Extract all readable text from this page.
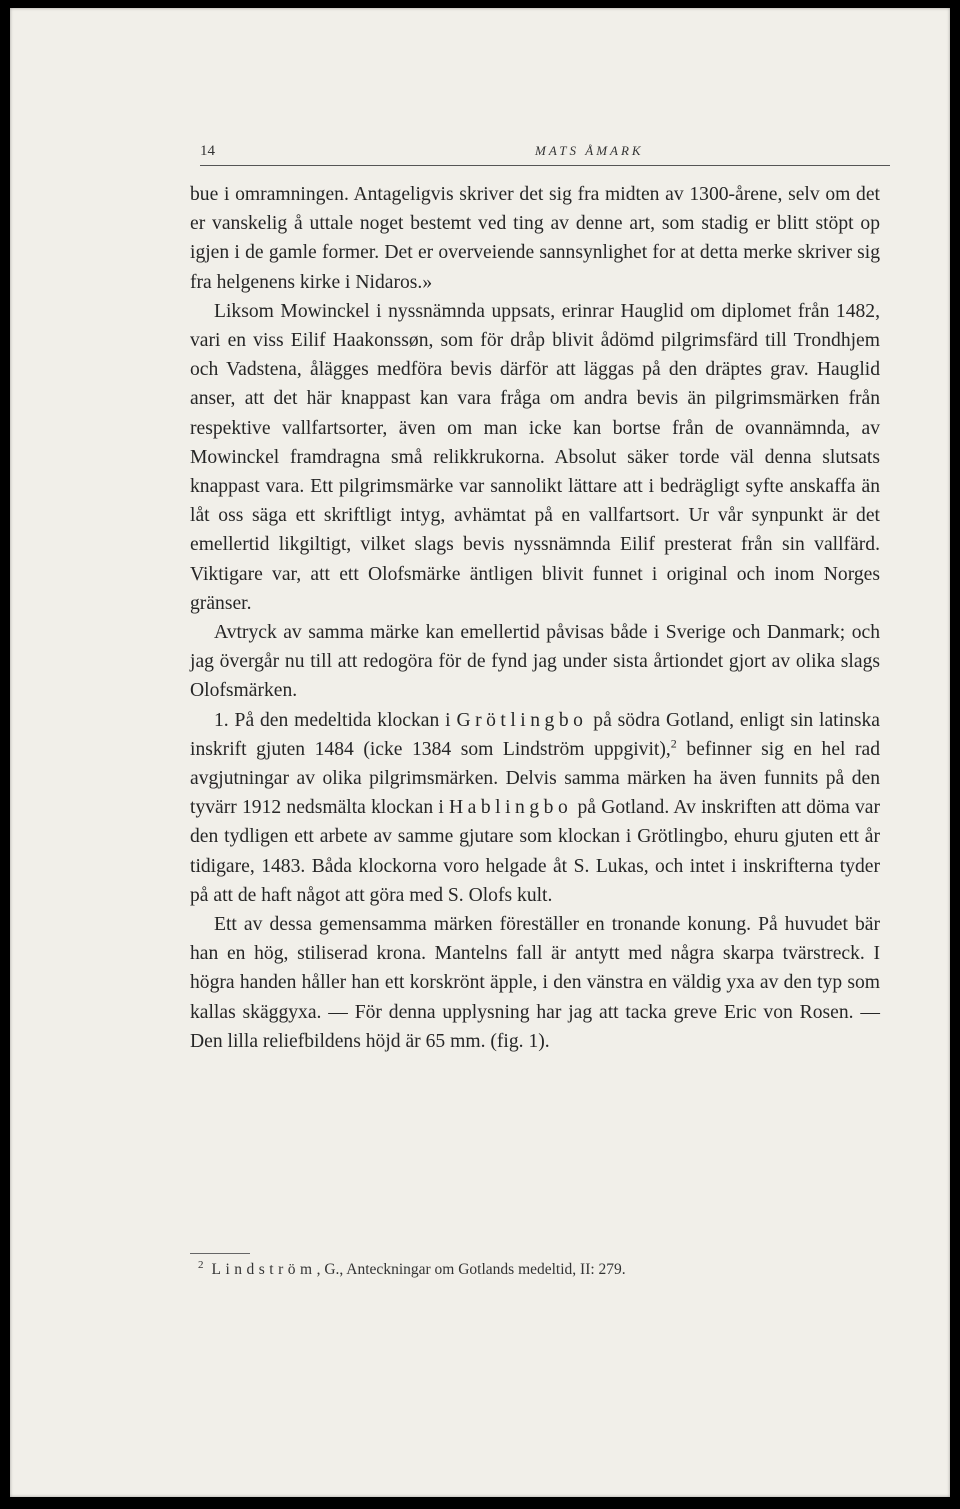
14	MATS ÅMARK

bue i omramningen. Antageligvis skriver det sig fra midten av 1300-årene, selv om det er vanskelig å uttale noget bestemt ved ting av denne art, som stadig er blitt stöpt op igjen i de gamle former. Det er overveiende sannsynlighet for at detta merke skriver sig fra helgenens kirke i Nidaros.»

Liksom Mowinckel i nyssnämnda uppsats, erinrar Hauglid om diplomet från 1482, vari en viss Eilif Haakonssøn, som för dråp blivit ådömd pilgrimsfärd till Trondhjem och Vadstena, ålägges medföra bevis därför att läggas på den dräptes grav. Hauglid anser, att det här knappast kan vara fråga om andra bevis än pilgrimsmärken från respektive vallfartsorter, även om man icke kan bortse från de ovannämnda, av Mowinckel framdragna små relikkrukorna. Absolut säker torde väl denna slutsats knappast vara. Ett pilgrimsmärke var sannolikt lättare att i bedrägligt syfte anskaffa än låt oss säga ett skriftligt intyg, avhämtat på en vallfartsort. Ur vår synpunkt är det emellertid likgiltigt, vilket slags bevis nyssnämnda Eilif presterat från sin vallfärd. Viktigare var, att ett Olofsmärke äntligen blivit funnet i original och inom Norges gränser.

Avtryck av samma märke kan emellertid påvisas både i Sverige och Danmark; och jag övergår nu till att redogöra för de fynd jag under sista årtiondet gjort av olika slags Olofsmärken.

1. På den medeltida klockan i Grötlingbo på södra Gotland, enligt sin latinska inskrift gjuten 1484 (icke 1384 som Lindström uppgivit),$^2$ befinner sig en hel rad avgjutningar av olika pilgrimsmärken. Delvis samma märken ha även funnits på den tyvärr 1912 nedsmälta klockan i Hablingbo på Gotland. Av inskriften att döma var den tydligen ett arbete av samme gjutare som klockan i Grötlingbo, ehuru gjuten ett år tidigare, 1483. Båda klockorna voro helgade åt S. Lukas, och intet i inskrifterna tyder på att de haft något att göra med S. Olofs kult.

Ett av dessa gemensamma märken föreställer en tronande konung. På huvudet bär han en hög, stiliserad krona. Mantelns fall är antytt med några skarpa tvärstreck. I högra handen håller han ett korskrönt äpple, i den vänstra en väldig yxa av den typ som kallas skäggyxa. — För denna upplysning har jag att tacka greve Eric von Rosen. — Den lilla reliefbildens höjd är 65 mm. (fig. 1).

$^2$ Lindström, G., Anteckningar om Gotlands medeltid, II: 279.
